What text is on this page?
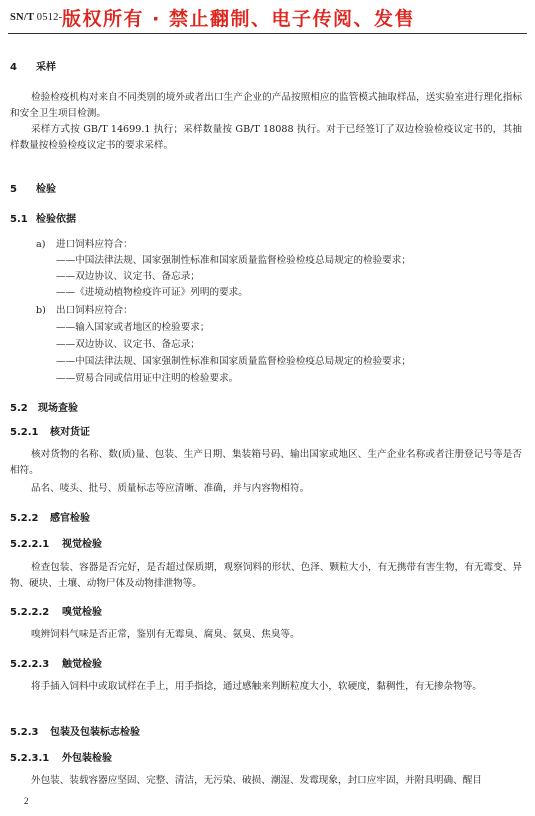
SN/T 0512- 版权所有 · 禁止翻制、电子传阅、发售
4 采样
检验检疫机构对来自不同类别的境外或者出口生产企业的产品按照相应的监管模式抽取样品，送实验室进行理化指标和安全卫生项目检测。
采样方式按 GB/T 14699.1 执行；采样数量按 GB/T 18088 执行。对于已经签订了双边检验检疫议定书的，其抽样数量按检验检疫议定书的要求采样。
5 检验
5.1 检验依据
a) 进口饲料应符合：
——中国法律法规、国家强制性标准和国家质量监督检验检疫总局规定的检验要求；
——双边协议、议定书、备忘录；
——《进境动植物检疫许可证》列明的要求。
b) 出口饲料应符合：
——输入国家或者地区的检验要求；
——双边协议、议定书、备忘录；
——中国法律法规、国家强制性标准和国家质量监督检验检疫总局规定的检验要求；
——贸易合同或信用证中注明的检验要求。
5.2 现场查验
5.2.1 核对货证
核对货物的名称、数(质)量、包装、生产日期、集装箱号码、输出国家或地区、生产企业名称或者注册登记号等是否相符。
品名、唛头、批号、质量标志等应清晰、准确，并与内容物相符。
5.2.2 感官检验
5.2.2.1 视觉检验
检查包装、容器是否完好，是否超过保质期，观察饲料的形状、色泽、颗粒大小，有无携带有害生物，有无霉变、异物、硬块、土壤、动物尸体及动物排泄物等。
5.2.2.2 嗅觉检验
嗅辨饲料气味是否正常，鉴别有无霉臭、腐臭、氨臭、焦臭等。
5.2.2.3 触觉检验
将手插入饲料中或取试样在手上，用手指捻，通过感触来判断粒度大小，软硬度，黏稠性，有无掺杂物等。
5.2.3 包装及包装标志检验
5.2.3.1 外包装检验
外包装、装载容器应坚固、完整、清洁，无污染、破损、潮湿、发霉现象，封口应牢固，并附具明确、醒目
2
